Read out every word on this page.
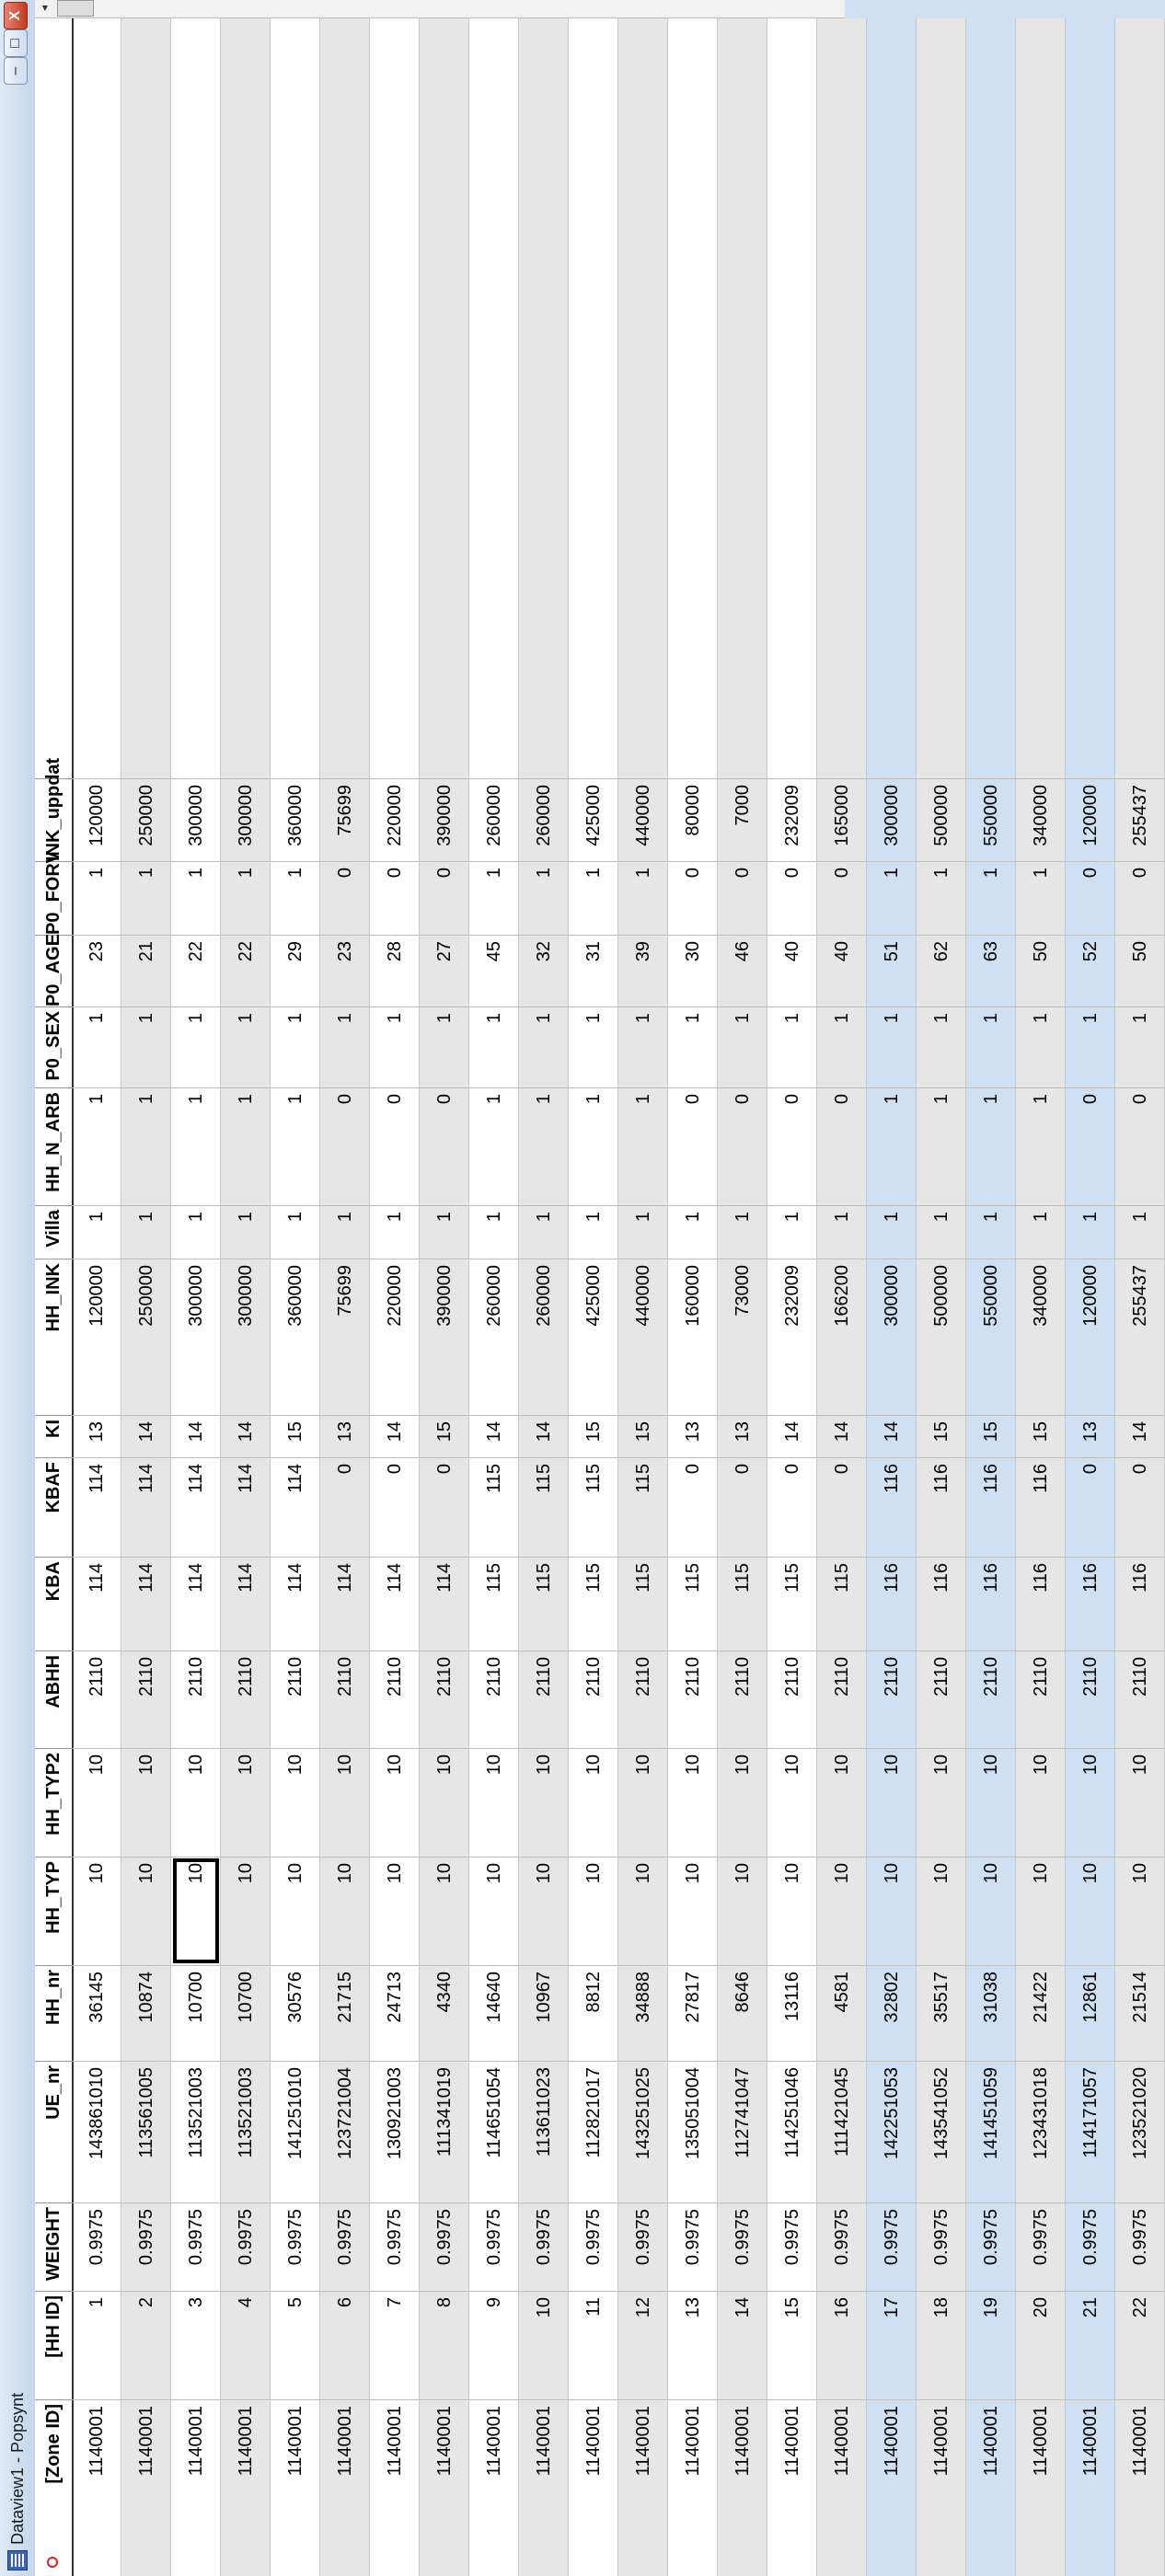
Dataview1 - Popsynt
–
□
X
[Zone ID]
[HH ID]
WEIGHT
UE_nr
HH_nr
HH_TYP
HH_TYP2
ABHH
KBA
KBAF
KI
HH_INK
Villa
HH_N_ARB
P0_SEX
P0_AGE
P0_FORV
INK_uppdat
1140001
1
0.9975
143861010
36145
10
10
2110
114
114
13
120000
1
1
1
23
1
120000
1140001
2
0.9975
113561005
10874
10
10
2110
114
114
14
250000
1
1
1
21
1
250000
1140001
3
0.9975
113521003
10700
10
10
2110
114
114
14
300000
1
1
1
22
1
300000
1140001
4
0.9975
113521003
10700
10
10
2110
114
114
14
300000
1
1
1
22
1
300000
1140001
5
0.9975
141251010
30576
10
10
2110
114
114
15
360000
1
1
1
29
1
360000
1140001
6
0.9975
123721004
21715
10
10
2110
114
0
13
75699
1
0
1
23
0
75699
1140001
7
0.9975
130921003
24713
10
10
2110
114
0
14
220000
1
0
1
28
0
220000
1140001
8
0.9975
111341019
4340
10
10
2110
114
0
15
390000
1
0
1
27
0
390000
1140001
9
0.9975
114651054
14640
10
10
2110
115
115
14
260000
1
1
1
45
1
260000
1140001
10
0.9975
113611023
10967
10
10
2110
115
115
14
260000
1
1
1
32
1
260000
1140001
11
0.9975
112821017
8812
10
10
2110
115
115
15
425000
1
1
1
31
1
425000
1140001
12
0.9975
143251025
34888
10
10
2110
115
115
15
440000
1
1
1
39
1
440000
1140001
13
0.9975
135051004
27817
10
10
2110
115
0
13
160000
1
0
1
30
0
80000
1140001
14
0.9975
112741047
8646
10
10
2110
115
0
13
73000
1
0
1
46
0
7000
1140001
15
0.9975
114251046
13116
10
10
2110
115
0
14
232009
1
0
1
40
0
232009
1140001
16
0.9975
111421045
4581
10
10
2110
115
0
14
166200
1
0
1
40
0
165000
1140001
17
0.9975
142251053
32802
10
10
2110
116
116
14
300000
1
1
1
51
1
300000
1140001
18
0.9975
143541052
35517
10
10
2110
116
116
15
500000
1
1
1
62
1
500000
1140001
19
0.9975
141451059
31038
10
10
2110
116
116
15
550000
1
1
1
63
1
550000
1140001
20
0.9975
123431018
21422
10
10
2110
116
116
15
340000
1
1
1
50
1
340000
1140001
21
0.9975
114171057
12861
10
10
2110
116
0
13
120000
1
0
1
52
0
120000
1140001
22
0.9975
123521020
21514
10
10
2110
116
0
14
255437
1
0
1
50
0
255437
◂
